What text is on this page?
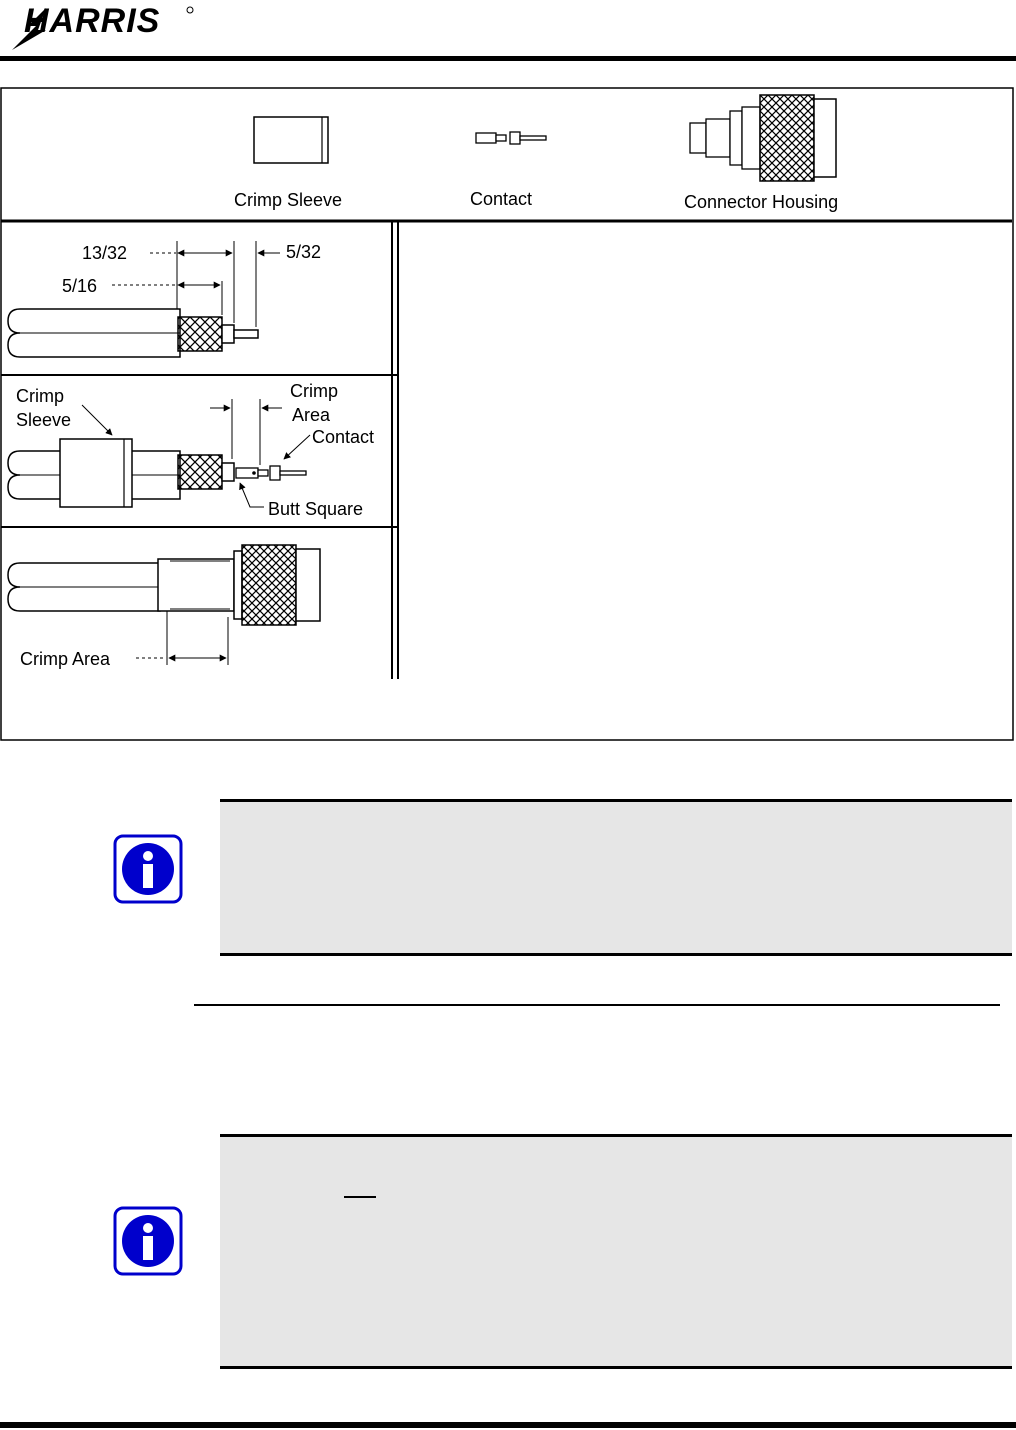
HARRIS
Crimp Sleeve	Contact	Connector Housing
13/32	5/32
5/16
Crimp
Sleeve
Crimp
Area
Contact
Butt Square
Crimp Area
